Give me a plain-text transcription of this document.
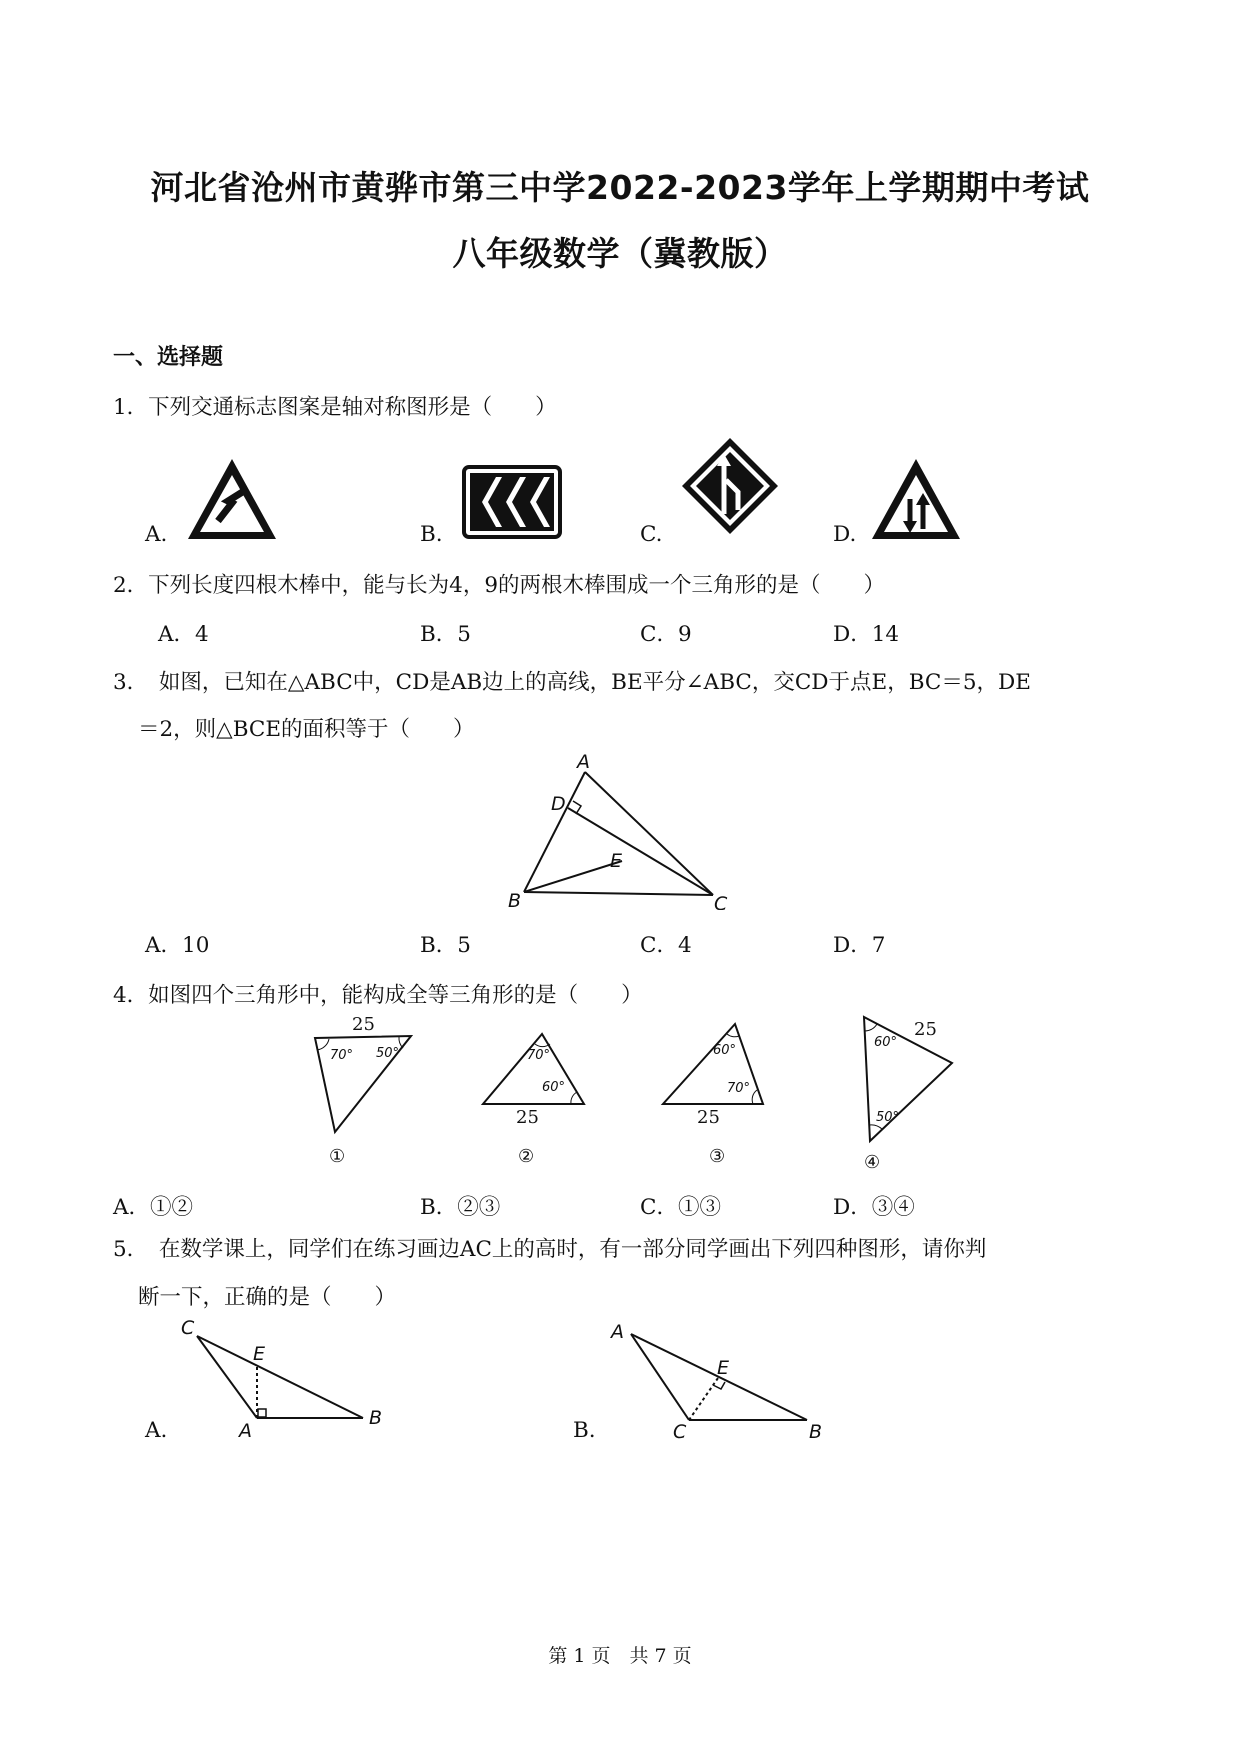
河北省沧州市黄骅市第三中学2022-2023学年上学期期中考试
八年级数学（冀教版）
一、选择题
1．下列交通标志图案是轴对称图形是（　　）
A.	B.	C.	D.
2．下列长度四根木棒中，能与长为4，9的两根木棒围成一个三角形的是（　　）
A．4	B．5	C．9	D．14
3．　如图，已知在△ABC中，CD是AB边上的高线，BE平分∠ABC，交CD于点E，BC＝5，DE
＝2，则△BCE的面积等于（　　）
A
D
E
B	C
A．10	B．5	C．4	D．7
4．如图四个三角形中，能构成全等三角形的是（　　）
25
70° 50°
①
70°
60°
25
②
60°
70°
25
③
25
60°
50°
④
A．①②	B．②③	C．①③	D．③④
5．　在数学课上，同学们在练习画边AC上的高时，有一部分同学画出下列四种图形，请你判
断一下，正确的是（　　）
A.
C
E
A
B	B.
A
E
C	B
第 1 页　共 7 页
